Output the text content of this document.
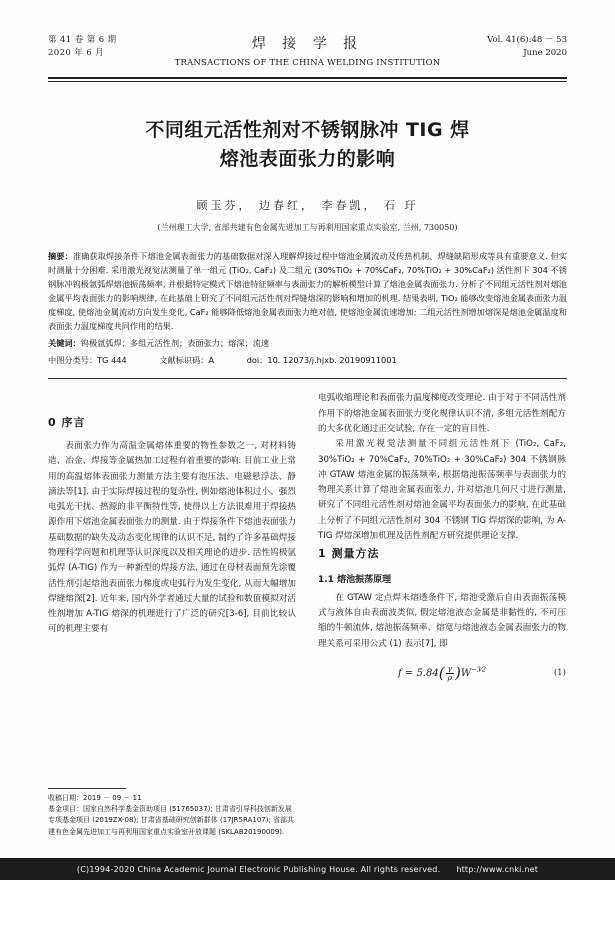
第 41 卷 第 6 期
2020 年 6 月
焊 接 学 报
TRANSACTIONS OF THE CHINA WELDING INSTITUTION
Vol. 41(6):48 － 53
June 2020
不同组元活性剂对不锈钢脉冲 TIG 焊
熔池表面张力的影响
顾玉芬， 边春红， 李春凯， 石 玗
(兰州理工大学, 省部共建有色金属先进加工与再利用国家重点实验室, 兰州, 730050)

摘要：准确获取焊接条件下熔池金属表面张力的基础数据对深入理解焊接过程中熔池金属流动及传热机制、焊缝缺陷形成等具有重要意义. 但实时测量十分困难. 采用激光视觉法测量了单一组元 (TiO₂, CaF₂) 及二组元 (30%TiO₂ + 70%CaF₂, 70%TiO₂ + 30%CaF₂) 活性剂下 304 不锈钢脉冲钨极氩弧焊熔池振荡频率, 并根据特定模式下熔池特征频率与表面张力的解析模型计算了熔池金属表面张力. 分析了不同组元活性剂对熔池金属平均表面张力的影响规律, 在此基础上研究了不同组元活性剂对焊缝熔深的影响和增加的机理. 结果表明, TiO₂ 能够改变熔池金属表面张力温度梯度, 使熔池金属流动方向发生变化, CaF₂ 能够降低熔池金属表面张力绝对值, 使熔池金属流速增加; 二组元活性剂增加熔深是熔池金属温度和表面张力温度梯度共同作用的结果.

关键词：钨极氩弧焊；多组元活性剂；表面张力；熔深；流速

中图分类号：TG 444	文献标识码：A	doi：10. 12073/j.hjxb. 20190911001
0 序言

表面张力作为高温金属熔体重要的物性参数之一, 对材料铸造、冶金、焊接等金属热加工过程有着重要的影响. 目前工业上常用的高温熔体表面张力测量方法主要有泡压法、电磁悬浮法、静滴法等[1]. 由于实际焊接过程的复杂性, 例如熔池体积过小、强烈电弧光干扰、热源的非平衡特性等, 使得以上方法很难用于焊接热源作用下熔池金属表面张力的测量. 由于焊接条件下熔池表面张力基础数据的缺失及动态变化规律的认识不足, 制约了许多基础焊接物理科学问题和机理等认识深度以及相关理论的进步. 活性钨极氩弧焊 (A-TIG) 作为一种新型的焊接方法, 通过在母材表面预先涂覆活性剂引起熔池表面张力梯度或电弧行为发生变化, 从而大幅增加焊缝熔深[2]. 近年来, 国内外学者通过大量的试验和数值模拟对活性剂增加 A-TIG 熔深的机理进行了广泛的研究[3-6], 目前比较认可的机理主要有

电弧收缩理论和表面张力温度梯度改变理论. 由于对于不同活性剂作用下的熔池金属表面张力变化规律认识不清, 多组元活性剂配方的大多优化通过正交试验, 存在一定的盲目性.

采用激光视觉法测量不同组元活性剂下 (TiO₂, CaF₂, 30%TiO₂ + 70%CaF₂, 70%TiO₂ + 30%CaF₂) 304 不锈钢脉冲 GTAW 熔池金属的振荡频率, 根据熔池振荡频率与表面张力的物理关系计算了熔池金属表面张力, 并对熔池几何尺寸进行测量, 研究了不同组元活性剂对熔池金属平均表面张力的影响, 在此基础上分析了不同组元活性剂对 304 不锈钢 TIG 焊熔深的影响, 为 A-TIG 焊熔深增加机理及活性剂配方研究提供理论支撑.

1 测量方法
1.1 熔池振荡原理

在 GTAW 定点焊未熔透条件下, 熔池受激后自由表面振荡模式与液体自由表面波类似, 假定熔池液态金属是非黏性的, 不可压缩的牛顿流体, 熔池振荡频率、熔宽与熔池液态金属表面张力的物理关系可采用公式 (1) 表示[7], 即

$f = 5.84( \frac{\gamma}{\rho} )W^{-3⁄2}$	(1)

收稿日期：2019 － 09 － 11

基金项目：国家自然科学基金资助项目 (51765037); 甘肃省引导科技创新发展专项基金项目 (2019ZX-08); 甘肃省基础研究创新群体 (17JR5RA107); 省部共建有色金属先进加工与再利用国家重点实验室开放课题 (SKLAB20190009).

(C)1994-2020 China Academic Journal Electronic Publishing House. All rights reserved. http://www.cnki.net
